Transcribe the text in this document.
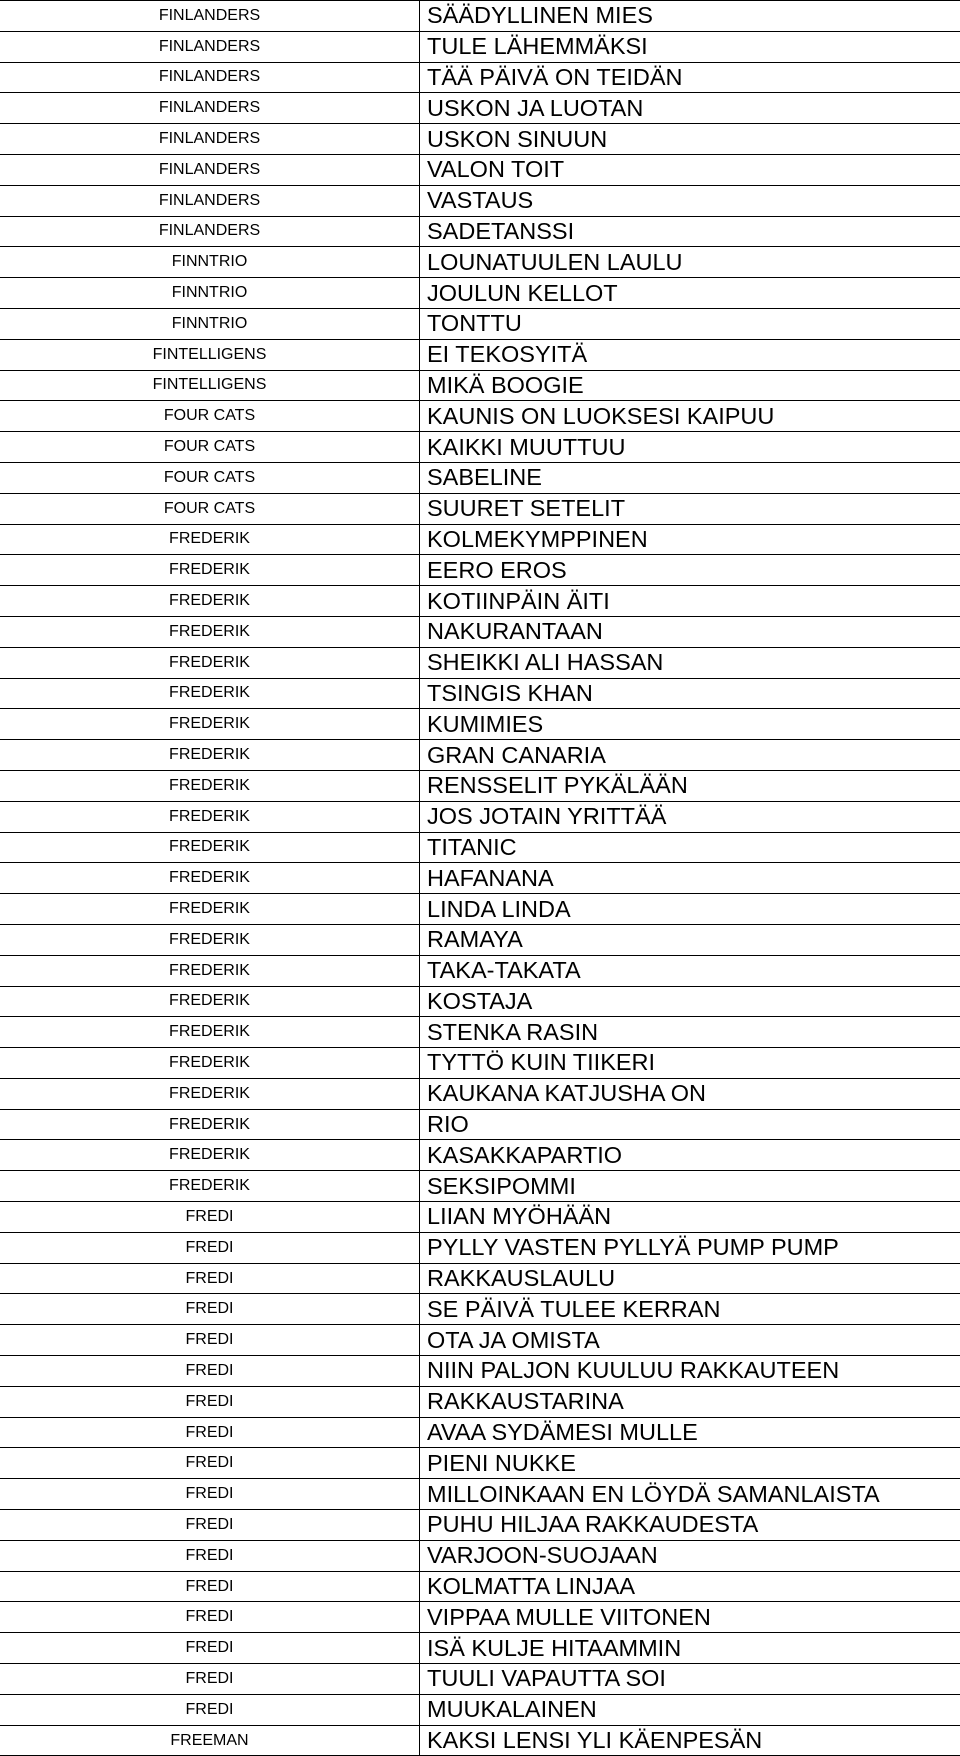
FINLANDERS	SÄÄDYLLINEN MIES
FINLANDERS	TULE LÄHEMMÄKSI
FINLANDERS	TÄÄ PÄIVÄ ON TEIDÄN
FINLANDERS	USKON JA LUOTAN
FINLANDERS	USKON SINUUN
FINLANDERS	VALON TOIT
FINLANDERS	VASTAUS
FINLANDERS	SADETANSSI
FINNTRIO	LOUNATUULEN LAULU
FINNTRIO	JOULUN KELLOT
FINNTRIO	TONTTU
FINTELLIGENS	EI TEKOSYITÄ
FINTELLIGENS	MIKÄ BOOGIE
FOUR CATS	KAUNIS ON LUOKSESI KAIPUU
FOUR CATS	KAIKKI MUUTTUU
FOUR CATS	SABELINE
FOUR CATS	SUURET SETELIT
FREDERIK	KOLMEKYMPPINEN
FREDERIK	EERO EROS
FREDERIK	KOTIINPÄIN ÄITI
FREDERIK	NAKURANTAAN
FREDERIK	SHEIKKI ALI HASSAN
FREDERIK	TSINGIS KHAN
FREDERIK	KUMIMIES
FREDERIK	GRAN CANARIA
FREDERIK	RENSSELIT PYKÄLÄÄN
FREDERIK	JOS JOTAIN YRITTÄÄ
FREDERIK	TITANIC
FREDERIK	HAFANANA
FREDERIK	LINDA LINDA
FREDERIK	RAMAYA
FREDERIK	TAKA-TAKATA
FREDERIK	KOSTAJA
FREDERIK	STENKA RASIN
FREDERIK	TYTTÖ KUIN TIIKERI
FREDERIK	KAUKANA KATJUSHA ON
FREDERIK	RIO
FREDERIK	KASAKKAPARTIO
FREDERIK	SEKSIPOMMI
FREDI	LIIAN MYÖHÄÄN
FREDI	PYLLY VASTEN PYLLYÄ PUMP PUMP
FREDI	RAKKAUSLAULU
FREDI	SE PÄIVÄ TULEE KERRAN
FREDI	OTA JA OMISTA
FREDI	NIIN PALJON KUULUU RAKKAUTEEN
FREDI	RAKKAUSTARINA
FREDI	AVAA SYDÄMESI MULLE
FREDI	PIENI NUKKE
FREDI	MILLOINKAAN EN LÖYDÄ SAMANLAISTA
FREDI	PUHU HILJAA RAKKAUDESTA
FREDI	VARJOON-SUOJAAN
FREDI	KOLMATTA LINJAA
FREDI	VIPPAA MULLE VIITONEN
FREDI	ISÄ KULJE HITAAMMIN
FREDI	TUULI VAPAUTTA SOI
FREDI	MUUKALAINEN
FREEMAN	KAKSI LENSI YLI KÄENPESÄN
